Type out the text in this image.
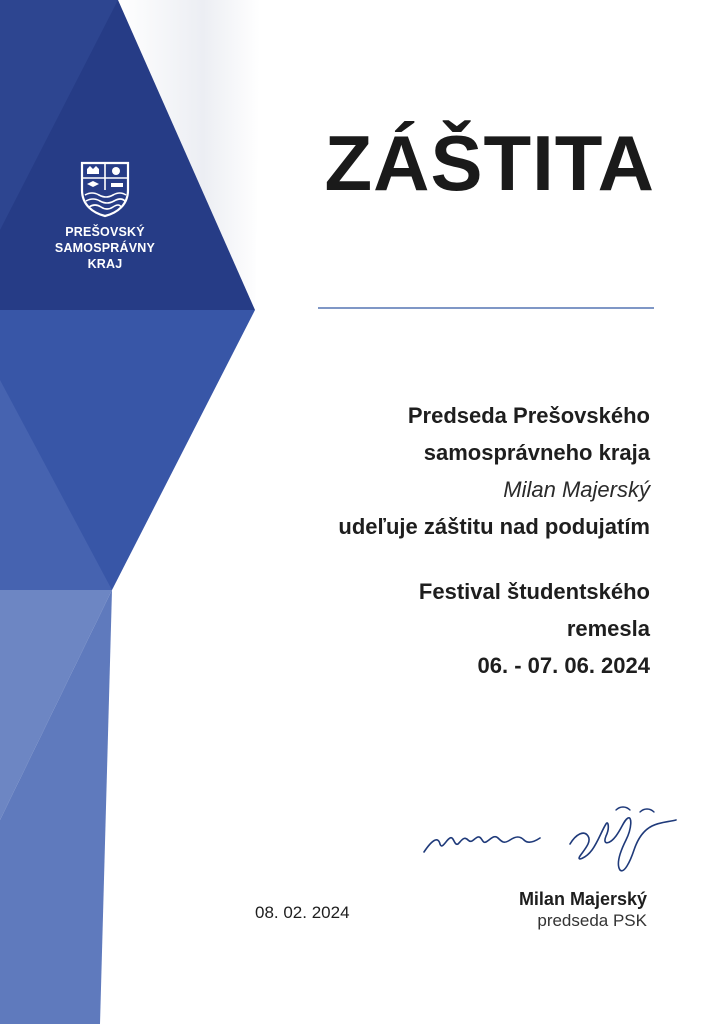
PREŠOVSKÝ
SAMOSPRÁVNY
KRAJ
ZÁŠTITA
Predseda Prešovského
samosprávneho kraja
Milan Majerský
udeľuje záštitu nad podujatím
Festival študentského
remesla
06. - 07. 06. 2024
08. 02. 2024
Milan Majerský
predseda PSK
